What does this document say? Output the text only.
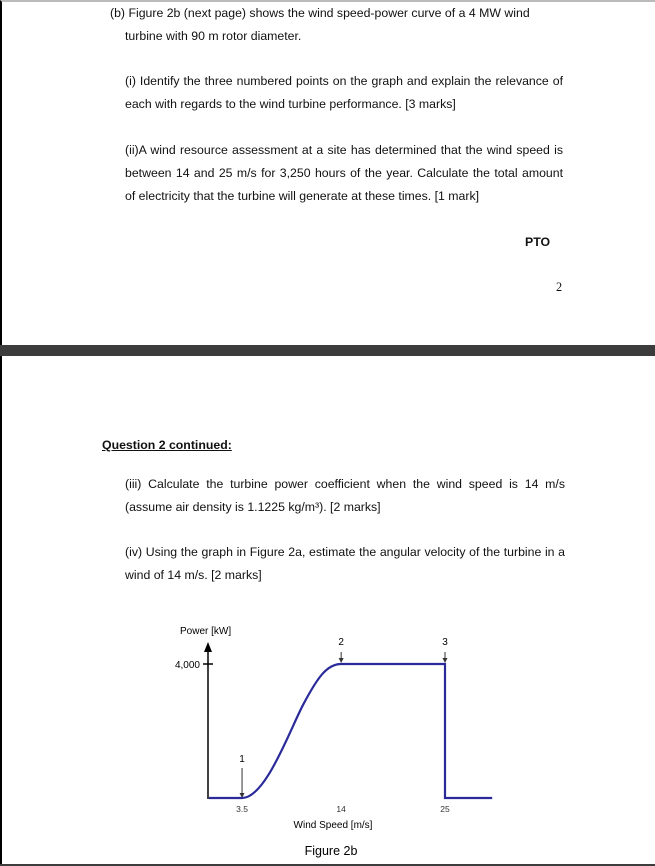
(b) Figure 2b (next page) shows the wind speed-power curve of a 4 MW wind
turbine with 90 m rotor diameter.
(i) Identify the three numbered points on the graph and explain the relevance of each with regards to the wind turbine performance. [3 marks]
(ii)A wind resource assessment at a site has determined that the wind speed is between 14 and 25 m/s for 3,250 hours of the year. Calculate the total amount of electricity that the turbine will generate at these times. [1 mark]
PTO
2
Question 2 continued:
(iii) Calculate the turbine power coefficient when the wind speed is 14 m/s (assume air density is 1.1225 kg/m³). [2 marks]
(iv) Using the graph in Figure 2a, estimate the angular velocity of the turbine in a wind of 14 m/s. [2 marks]
Power [kW]
4,000
3.5	14	25
1
2	3
Wind Speed [m/s]
Figure 2b
